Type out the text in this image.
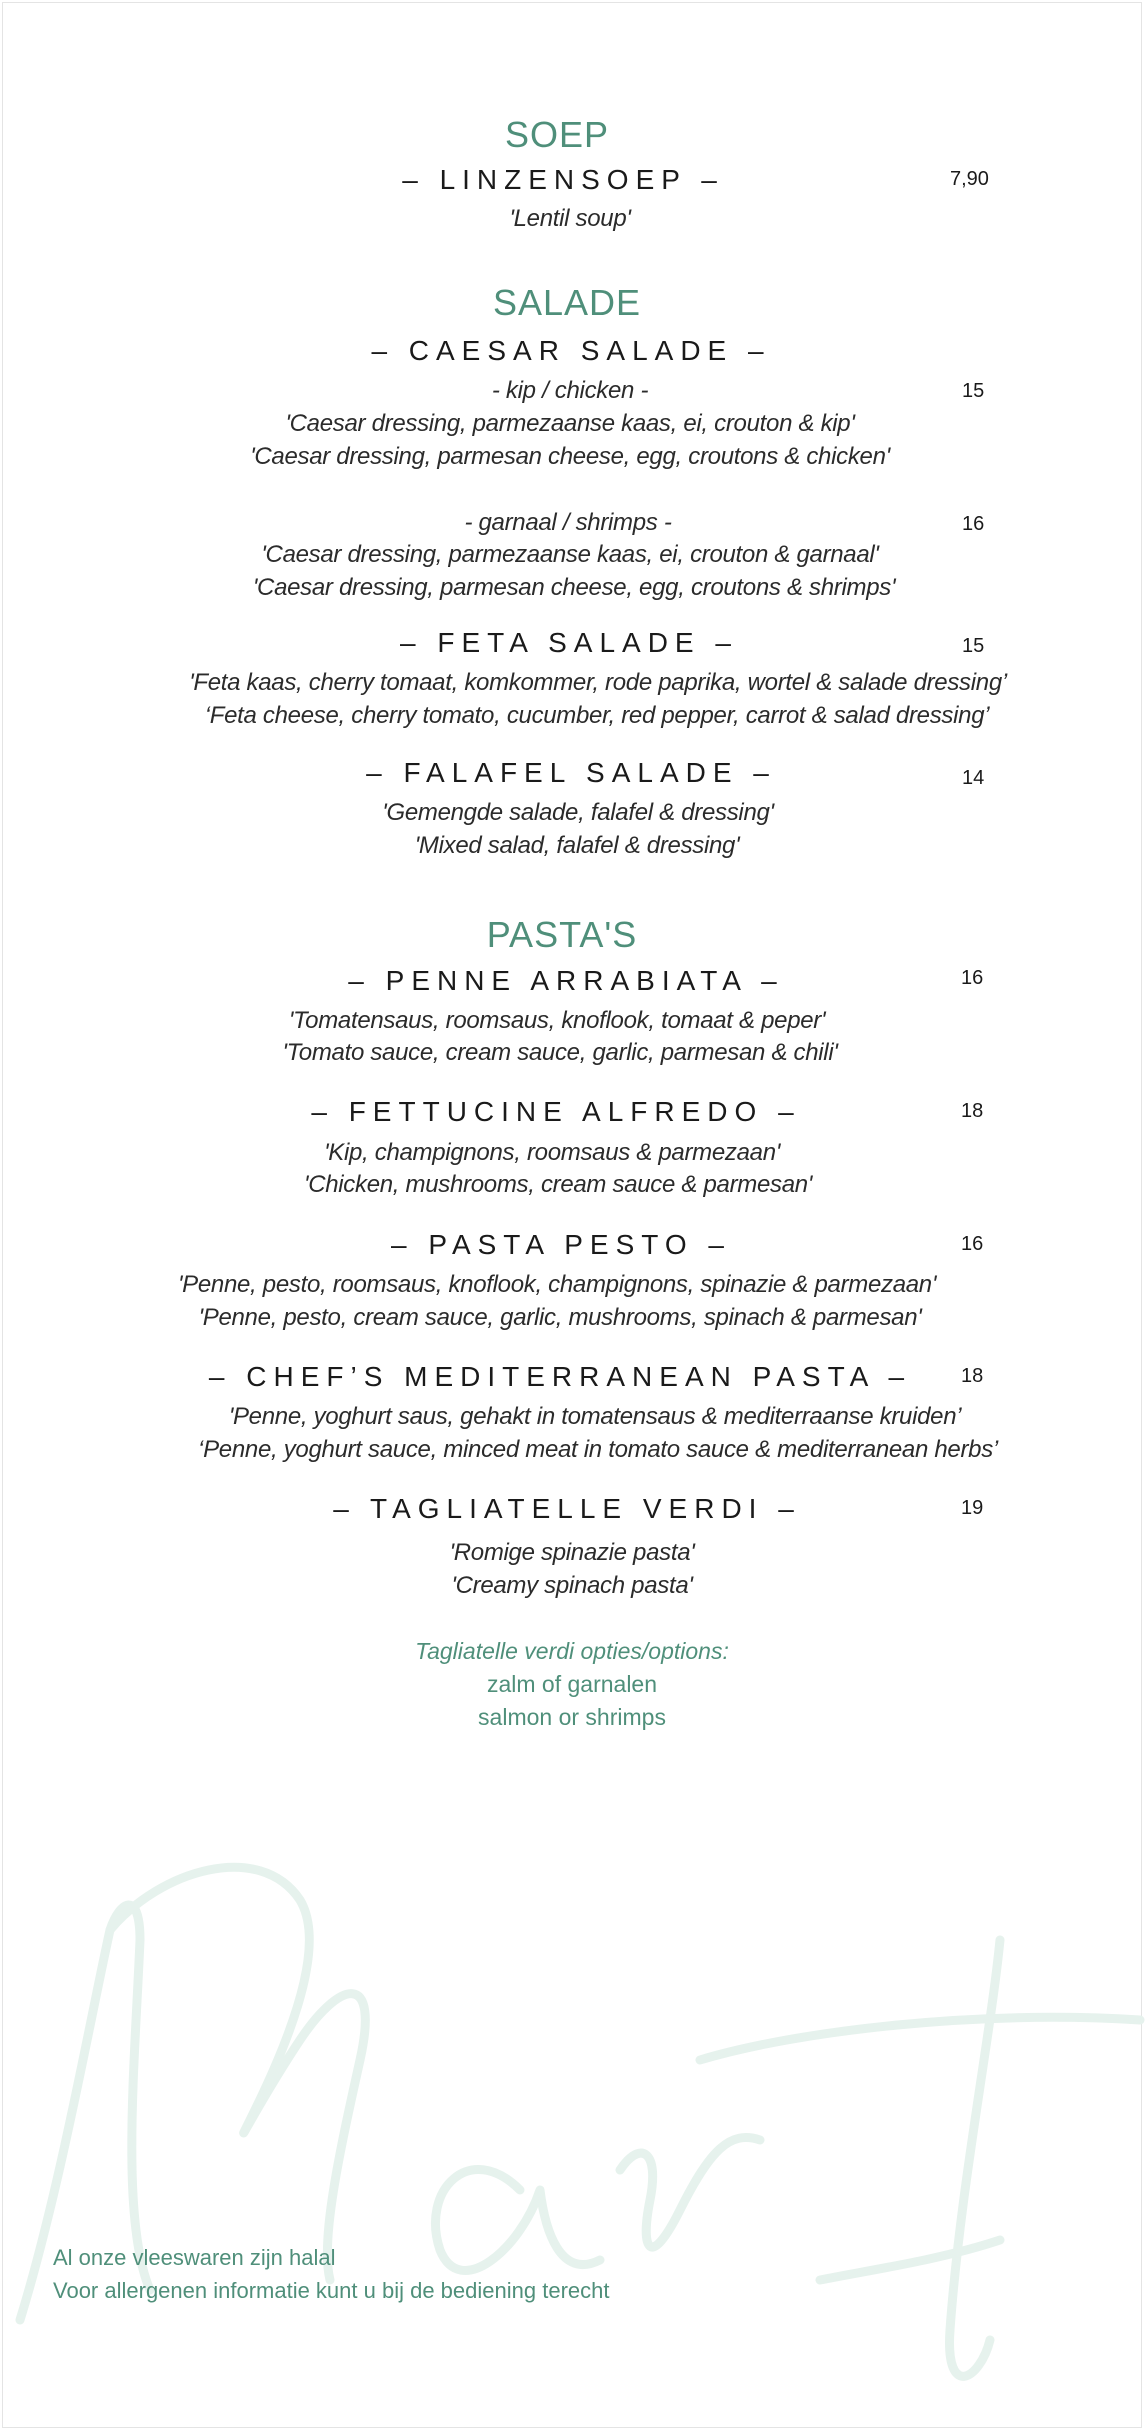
SOEP
– LINZENSOEP –	7,90
'Lentil soup'
SALADE
– CAESAR SALADE –
- kip / chicken -	15
'Caesar dressing, parmezaanse kaas, ei, crouton & kip'
'Caesar dressing, parmesan cheese, egg, croutons & chicken'
- garnaal / shrimps -	16
'Caesar dressing, parmezaanse kaas, ei, crouton & garnaal'
'Caesar dressing, parmesan cheese, egg, croutons & shrimps'
– FETA SALADE –	15
'Feta kaas, cherry tomaat, komkommer, rode paprika, wortel & salade dressing’
‘Feta cheese, cherry tomato, cucumber, red pepper, carrot & salad dressing’
– FALAFEL SALADE –	14
'Gemengde salade, falafel & dressing'
'Mixed salad, falafel & dressing'
PASTA'S
– PENNE ARRABIATA –	16
'Tomatensaus, roomsaus, knoflook, tomaat & peper'
'Tomato sauce, cream sauce, garlic, parmesan & chili'
– FETTUCINE ALFREDO –	18
'Kip, champignons, roomsaus & parmezaan'
'Chicken, mushrooms, cream sauce & parmesan'
– PASTA PESTO –	16
'Penne, pesto, roomsaus, knoflook, champignons, spinazie & parmezaan'
'Penne, pesto, cream sauce, garlic, mushrooms, spinach & parmesan'
– CHEF’S MEDITERRANEAN PASTA – 18
'Penne, yoghurt saus, gehakt in tomatensaus & mediterraanse kruiden’
‘Penne, yoghurt sauce, minced meat in tomato sauce & mediterranean herbs’
– TAGLIATELLE VERDI –	19
'Romige spinazie pasta'
'Creamy spinach pasta'
Tagliatelle verdi opties/options:
zalm of garnalen
salmon or shrimps
Al onze vleeswaren zijn halal
Voor allergenen informatie kunt u bij de bediening terecht
